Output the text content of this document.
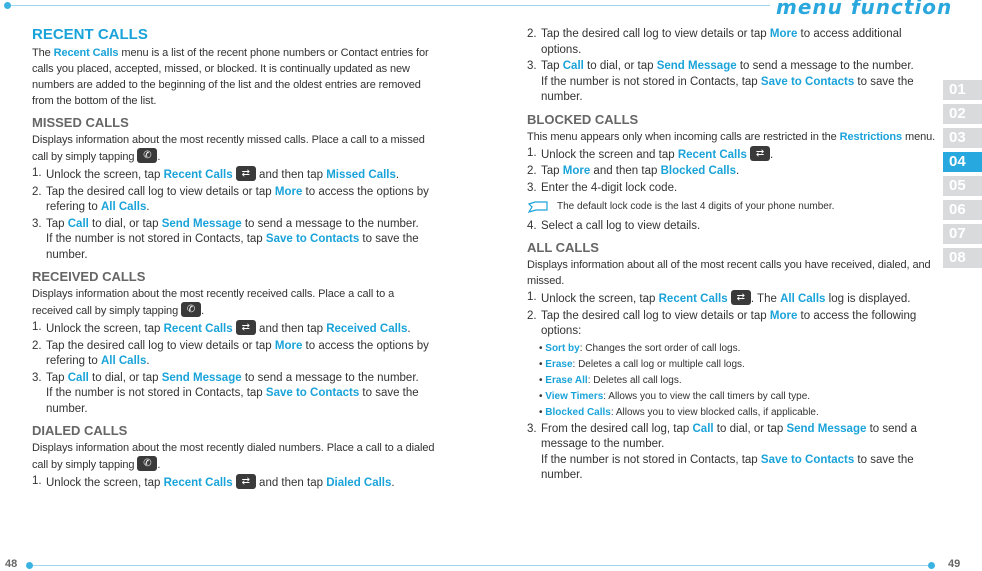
menu function
48	49
RECENT CALLS

The Recent Calls menu is a list of the recent phone numbers or Contact entries for calls you placed, accepted, missed, or blocked. It is continually updated as new numbers are added to the beginning of the list and the oldest entries are removed from the bottom of the list.

MISSED CALLS

Displays information about the most recently missed calls. Place a call to a missed call by simply tapping ✆ .

1. Unlock the screen, tap Recent Calls ⇄ and then tap Missed Calls.
2. Tap the desired call log to view details or tap More to access the options by refering to All Calls.
3. Tap Call to dial, or tap Send Message to send a message to the number.
If the number is not stored in Contacts, tap Save to Contacts to save the number.
RECEIVED CALLS

Displays information about the most recently received calls. Place a call to a received call by simply tapping ✆ .

1. Unlock the screen, tap Recent Calls ⇄ and then tap Received Calls.
2. Tap the desired call log to view details or tap More to access the options by refering to All Calls.
3. Tap Call to dial, or tap Send Message to send a message to the number.
If the number is not stored in Contacts, tap Save to Contacts to save the number.
DIALED CALLS

Displays information about the most recently dialed numbers. Place a call to a dialed call by simply tapping ✆ .

1. Unlock the screen, tap Recent Calls ⇄ and then tap Dialed Calls.
2. Tap the desired call log to view details or tap More to access additional options.
3. Tap Call to dial, or tap Send Message to send a message to the number.
If the number is not stored in Contacts, tap Save to Contacts to save the number.
BLOCKED CALLS

This menu appears only when incoming calls are restricted in the Restrictions menu.

1. Unlock the screen and tap Recent Calls ⇄ .
2. Tap More and then tap Blocked Calls.
3. Enter the 4-digit lock code.
The default lock code is the last 4 digits of your phone number.
4. Select a call log to view details.
ALL CALLS

Displays information about all of the most recent calls you have received, dialed, and missed.

1. Unlock the screen, tap Recent Calls ⇄ . The All Calls log is displayed.
2. Tap the desired call log to view details or tap More to access the following options:
• Sort by: Changes the sort order of call logs.
• Erase: Deletes a call log or multiple call logs.
• Erase All: Deletes all call logs.
• View Timers: Allows you to view the call timers by call type.
• Blocked Calls: Allows you to view blocked calls, if applicable.
3. From the desired call log, tap Call to dial, or tap Send Message to send a message to the number.
If the number is not stored in Contacts, tap Save to Contacts to save the number.
01
02
03
04
05
06
07
08
